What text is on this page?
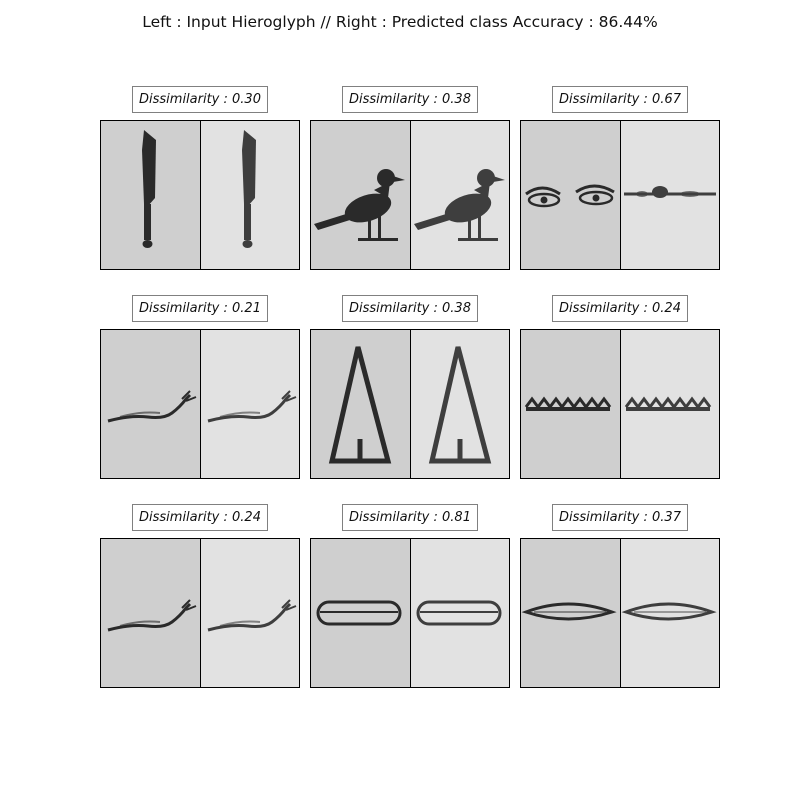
Left : Input Hieroglyph // Right : Predicted class Accuracy : 86.44%
Dissimilarity : 0.30	Dissimilarity : 0.38	Dissimilarity : 0.67
Dissimilarity : 0.21	Dissimilarity : 0.38	Dissimilarity : 0.24
Dissimilarity : 0.24	Dissimilarity : 0.81	Dissimilarity : 0.37
